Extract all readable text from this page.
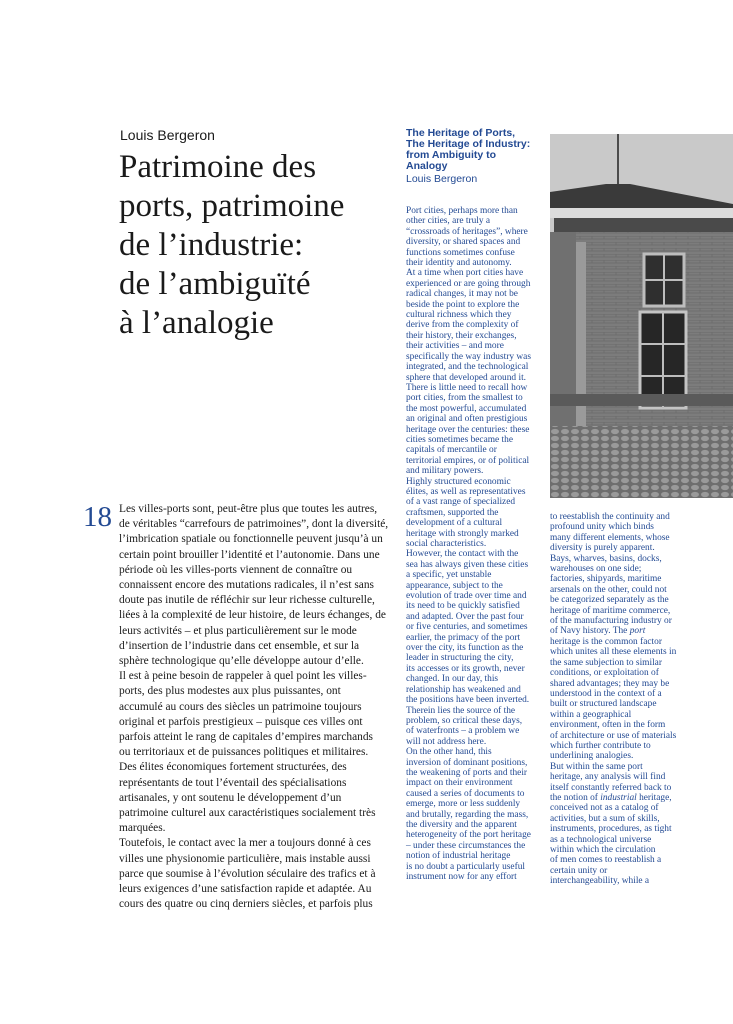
Louis Bergeron
Patrimoine des
ports, patrimoine
de l’industrie:
de l’ambiguïté
à l’analogie
The Heritage of Ports,
The Heritage of Industry:
from Ambiguity to
Analogy
Louis Bergeron
18 Les villes-ports sont, peut-être plus que toutes les autres,
de véritables “carrefours de patrimoines”, dont la diversité,
l’imbrication spatiale ou fonctionnelle peuvent jusqu’à un
certain point brouiller l’identité et l’autonomie. Dans une
période où les villes-ports viennent de connaître ou
connaissent encore des mutations radicales, il n’est sans
doute pas inutile de réfléchir sur leur richesse culturelle,
liées à la complexité de leur histoire, de leurs échanges, de
leurs activités – et plus particulièrement sur le mode
d’insertion de l’industrie dans cet ensemble, et sur la
sphère technologique qu’elle développe autour d’elle.
Il est à peine besoin de rappeler à quel point les villes-
ports, des plus modestes aux plus puissantes, ont
accumulé au cours des siècles un patrimoine toujours
original et parfois prestigieux – puisque ces villes ont
parfois atteint le rang de capitales d’empires marchands
ou territoriaux et de puissances politiques et militaires.
Des élites économiques fortement structurées, des
représentants de tout l’éventail des spécialisations
artisanales, y ont soutenu le développement d’un
patrimoine culturel aux caractéristiques socialement très
marquées.
Toutefois, le contact avec la mer a toujours donné à ces
villes une physionomie particulière, mais instable aussi
parce que soumise à l’évolution séculaire des trafics et à
leurs exigences d’une satisfaction rapide et adaptée. Au
cours des quatre ou cinq derniers siècles, et parfois plus
Port cities, perhaps more than
other cities, are truly a
“crossroads of heritages”, where
diversity, or shared spaces and
functions sometimes confuse
their identity and autonomy.
At a time when port cities have
experienced or are going through
radical changes, it may not be
beside the point to explore the
cultural richness which they
derive from the complexity of
their history, their exchanges,
their activities – and more
specifically the way industry was
integrated, and the technological
sphere that developed around it.
There is little need to recall how
port cities, from the smallest to
the most powerful, accumulated
an original and often prestigious
heritage over the centuries: these
cities sometimes became the
capitals of mercantile or
territorial empires, or of political
and military powers.
Highly structured economic
élites, as well as representatives
of a vast range of specialized
craftsmen, supported the
development of a cultural
heritage with strongly marked
social characteristics.
However, the contact with the
sea has always given these cities
a specific, yet unstable
appearance, subject to the
evolution of trade over time and
its need to be quickly satisfied
and adapted. Over the past four
or five centuries, and sometimes
earlier, the primacy of the port
over the city, its function as the
leader in structuring the city,
its accesses or its growth, never
changed. In our day, this
relationship has weakened and
the positions have been inverted.
Therein lies the source of the
problem, so critical these days,
of waterfronts – a problem we
will not address here.
On the other hand, this
inversion of dominant positions,
the weakening of ports and their
impact on their environment
caused a series of documents to
emerge, more or less suddenly
and brutally, regarding the mass,
the diversity and the apparent
heterogeneity of the port heritage
– under these circumstances the
notion of industrial heritage
is no doubt a particularly useful
instrument now for any effort
to reestablish the continuity and
profound unity which binds
many different elements, whose
diversity is purely apparent.
Bays, wharves, basins, docks,
warehouses on one side;
factories, shipyards, maritime
arsenals on the other, could not
be categorized separately as the
heritage of maritime commerce,
of the manufacturing industry or
of Navy history. The port
heritage is the common factor
which unites all these elements in
the same subjection to similar
conditions, or exploitation of
shared advantages; they may be
understood in the context of a
built or structured landscape
within a geographical
environment, often in the form
of architecture or use of materials
which further contribute to
underlining analogies.
But within the same port
heritage, any analysis will find
itself constantly referred back to
the notion of industrial heritage,
conceived not as a catalog of
activities, but a sum of skills,
instruments, procedures, as tight
as a technological universe
within which the circulation
of men comes to reestablish a
certain unity or
interchangeability, while a
